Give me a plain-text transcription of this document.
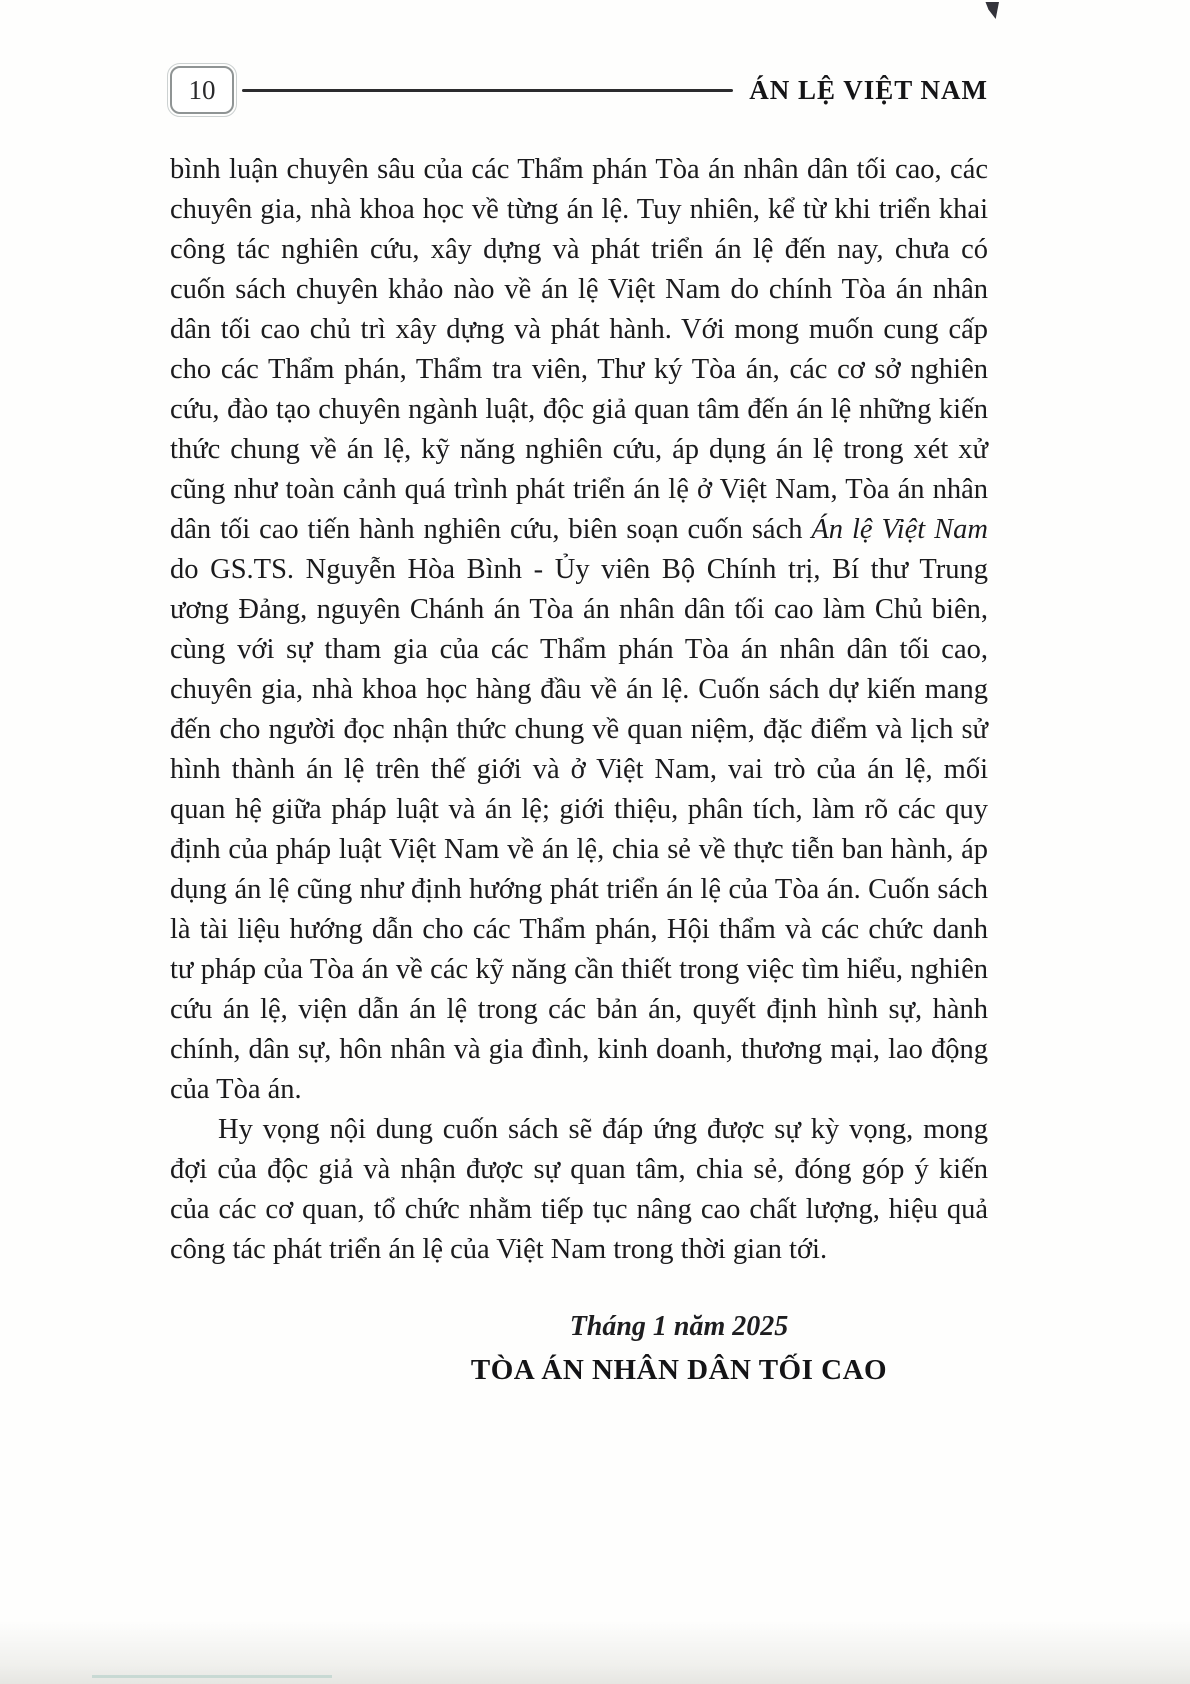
10	ÁN LỆ VIỆT NAM

bình luận chuyên sâu của các Thẩm phán Tòa án nhân dân tối cao, các chuyên gia, nhà khoa học về từng án lệ. Tuy nhiên, kể từ khi triển khai công tác nghiên cứu, xây dựng và phát triển án lệ đến nay, chưa có cuốn sách chuyên khảo nào về án lệ Việt Nam do chính Tòa án nhân dân tối cao chủ trì xây dựng và phát hành. Với mong muốn cung cấp cho các Thẩm phán, Thẩm tra viên, Thư ký Tòa án, các cơ sở nghiên cứu, đào tạo chuyên ngành luật, độc giả quan tâm đến án lệ những kiến thức chung về án lệ, kỹ năng nghiên cứu, áp dụng án lệ trong xét xử cũng như toàn cảnh quá trình phát triển án lệ ở Việt Nam, Tòa án nhân dân tối cao tiến hành nghiên cứu, biên soạn cuốn sách Án lệ Việt Nam do GS.TS. Nguyễn Hòa Bình - Ủy viên Bộ Chính trị, Bí thư Trung ương Đảng, nguyên Chánh án Tòa án nhân dân tối cao làm Chủ biên, cùng với sự tham gia của các Thẩm phán Tòa án nhân dân tối cao, chuyên gia, nhà khoa học hàng đầu về án lệ. Cuốn sách dự kiến mang đến cho người đọc nhận thức chung về quan niệm, đặc điểm và lịch sử hình thành án lệ trên thế giới và ở Việt Nam, vai trò của án lệ, mối quan hệ giữa pháp luật và án lệ; giới thiệu, phân tích, làm rõ các quy định của pháp luật Việt Nam về án lệ, chia sẻ về thực tiễn ban hành, áp dụng án lệ cũng như định hướng phát triển án lệ của Tòa án. Cuốn sách là tài liệu hướng dẫn cho các Thẩm phán, Hội thẩm và các chức danh tư pháp của Tòa án về các kỹ năng cần thiết trong việc tìm hiểu, nghiên cứu án lệ, viện dẫn án lệ trong các bản án, quyết định hình sự, hành chính, dân sự, hôn nhân và gia đình, kinh doanh, thương mại, lao động của Tòa án.

Hy vọng nội dung cuốn sách sẽ đáp ứng được sự kỳ vọng, mong đợi của độc giả và nhận được sự quan tâm, chia sẻ, đóng góp ý kiến của các cơ quan, tổ chức nhằm tiếp tục nâng cao chất lượng, hiệu quả công tác phát triển án lệ của Việt Nam trong thời gian tới.

Tháng 1 năm 2025
TÒA ÁN NHÂN DÂN TỐI CAO
